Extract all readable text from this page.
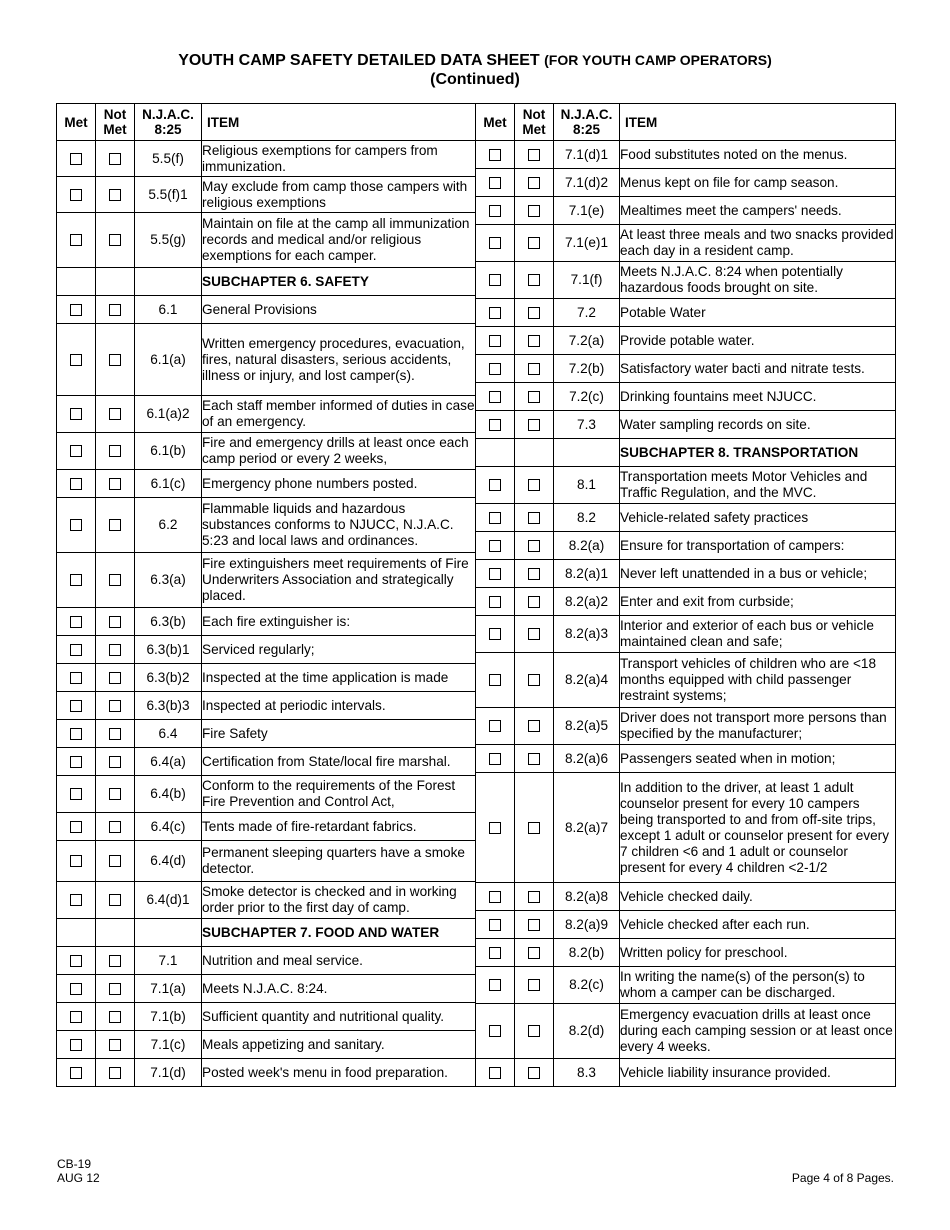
YOUTH CAMP SAFETY DETAILED DATA SHEET (FOR YOUTH CAMP OPERATORS)
(Continued)
Met	Not Met	N.J.A.C. 8:25	ITEM
		5.5(f)	Religious exemptions for campers from immunization.
		5.5(f)1	May exclude from camp those campers with religious exemptions
		5.5(g)	Maintain on file at the camp all immunization records and medical and/or religious exemptions for each camper.
			SUBCHAPTER 6. SAFETY
		6.1	General Provisions
		6.1(a)	Written emergency procedures, evacuation, fires, natural disasters, serious accidents, illness or injury, and lost camper(s).
		6.1(a)2	Each staff member informed of duties in case of an emergency.
		6.1(b)	Fire and emergency drills at least once each camp period or every 2 weeks,
		6.1(c)	Emergency phone numbers posted.
		6.2	Flammable liquids and hazardous substances conforms to NJUCC, N.J.A.C. 5:23 and local laws and ordinances.
		6.3(a)	Fire extinguishers meet requirements of Fire Underwriters Association and strategically placed.
		6.3(b)	Each fire extinguisher is:
		6.3(b)1	Serviced regularly;
		6.3(b)2	Inspected at the time application is made
		6.3(b)3	Inspected at periodic intervals.
		6.4	Fire Safety
		6.4(a)	Certification from State/local fire marshal.
		6.4(b)	Conform to the requirements of the Forest Fire Prevention and Control Act,
		6.4(c)	Tents made of fire-retardant fabrics.
		6.4(d)	Permanent sleeping quarters have a smoke detector.
		6.4(d)1	Smoke detector is checked and in working order prior to the first day of camp.
			SUBCHAPTER 7. FOOD AND WATER
		7.1	Nutrition and meal service.
		7.1(a)	Meets N.J.A.C. 8:24.
		7.1(b)	Sufficient quantity and nutritional quality.
		7.1(c)	Meals appetizing and sanitary.
		7.1(d)	Posted week's menu in food preparation.
Met	Not Met	N.J.A.C. 8:25	ITEM
		7.1(d)1	Food substitutes noted on the menus.
		7.1(d)2	Menus kept on file for camp season.
		7.1(e)	Mealtimes meet the campers' needs.
		7.1(e)1	At least three meals and two snacks provided each day in a resident camp.
		7.1(f)	Meets N.J.A.C. 8:24 when potentially hazardous foods brought on site.
		7.2	Potable Water
		7.2(a)	Provide potable water.
		7.2(b)	Satisfactory water bacti and nitrate tests.
		7.2(c)	Drinking fountains meet NJUCC.
		7.3	Water sampling records on site.
			SUBCHAPTER 8. TRANSPORTATION
		8.1	Transportation meets Motor Vehicles and Traffic Regulation, and the MVC.
		8.2	Vehicle-related safety practices
		8.2(a)	Ensure for transportation of campers:
		8.2(a)1	Never left unattended in a bus or vehicle;
		8.2(a)2	Enter and exit from curbside;
		8.2(a)3	Interior and exterior of each bus or vehicle maintained clean and safe;
		8.2(a)4	Transport vehicles of children who are <18 months equipped with child passenger restraint systems;
		8.2(a)5	Driver does not transport more persons than specified by the manufacturer;
		8.2(a)6	Passengers seated when in motion;
		8.2(a)7	In addition to the driver, at least 1 adult counselor present for every 10 campers being transported to and from off-site trips, except 1 adult or counselor present for every 7 children <6 and 1 adult or counselor present for every 4 children <2-1/2
		8.2(a)8	Vehicle checked daily.
		8.2(a)9	Vehicle checked after each run.
		8.2(b)	Written policy for preschool.
		8.2(c)	In writing the name(s) of the person(s) to whom a camper can be discharged.
		8.2(d)	Emergency evacuation drills at least once during each camping session or at least once every 4 weeks.
		8.3	Vehicle liability insurance provided.
CB-19
AUG 12	Page 4 of 8 Pages.
